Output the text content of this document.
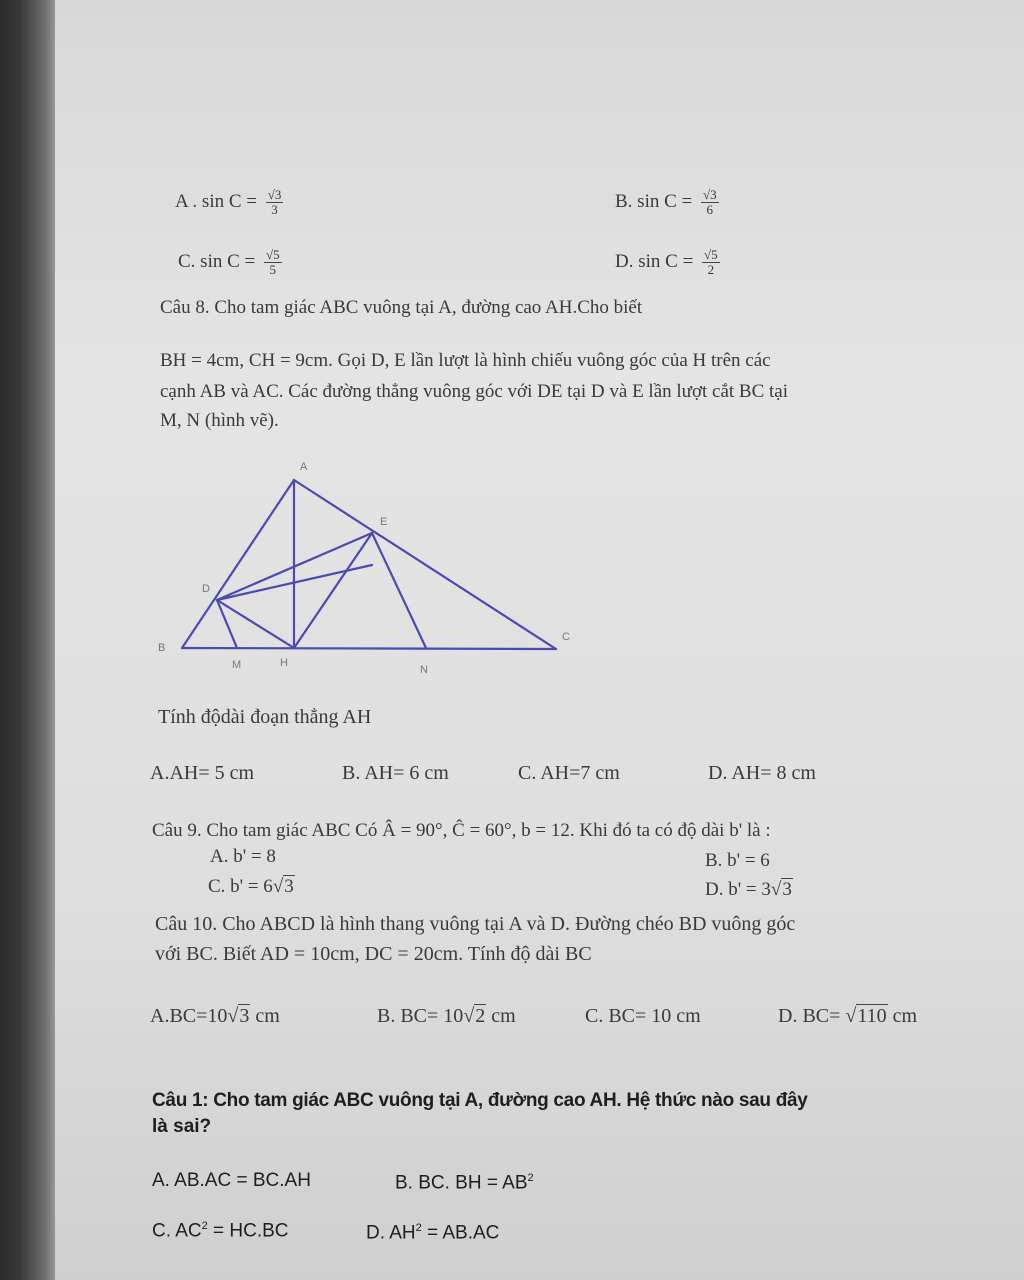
A . $\sin C = \frac{√3}{3}$	B. $\sin C = \frac{√3}{6}$
C. $\sin C = \frac{√5}{5}$	D. $\sin C = \frac{√5}{2}$
Câu 8. Cho tam giác ABC vuông tại A, đường cao AH.Cho biết
BH = 4cm, CH = 9cm. Gọi D, E lần lượt là hình chiếu vuông góc của H trên các
cạnh AB và AC. Các đường thẳng vuông góc với DE tại D và E lần lượt cắt BC tại
M, N (hình vẽ).
A
E
D
B
C
M	H
N
Tính độdài đoạn thẳng AH
A.AH= 5 cm	B. AH= 6 cm	C. AH=7 cm	D. AH= 8 cm
Câu 9. Cho tam giác ABC Có Â = 90°, Ĉ = 60°, b = 12. Khi đó ta có độ dài b' là :
A. b' = 8	B. b' = 6
C. b' = 6√3	D. b' = 3√3
Câu 10. Cho ABCD là hình thang vuông tại A và D. Đường chéo BD vuông góc
với BC. Biết AD = 10cm, DC = 20cm. Tính độ dài BC
A.BC=10√3 cm	B. BC= 10√2 cm	C. BC= 10 cm	D. BC= √110 cm
Câu 1: Cho tam giác ABC vuông tại A, đường cao AH. Hệ thức nào sau đây
là sai?
A. AB.AC = BC.AH	B. BC. BH = $AB^2$
C. $AC^2 = HC.BC$	D. $AH^2 = AB.AC$
